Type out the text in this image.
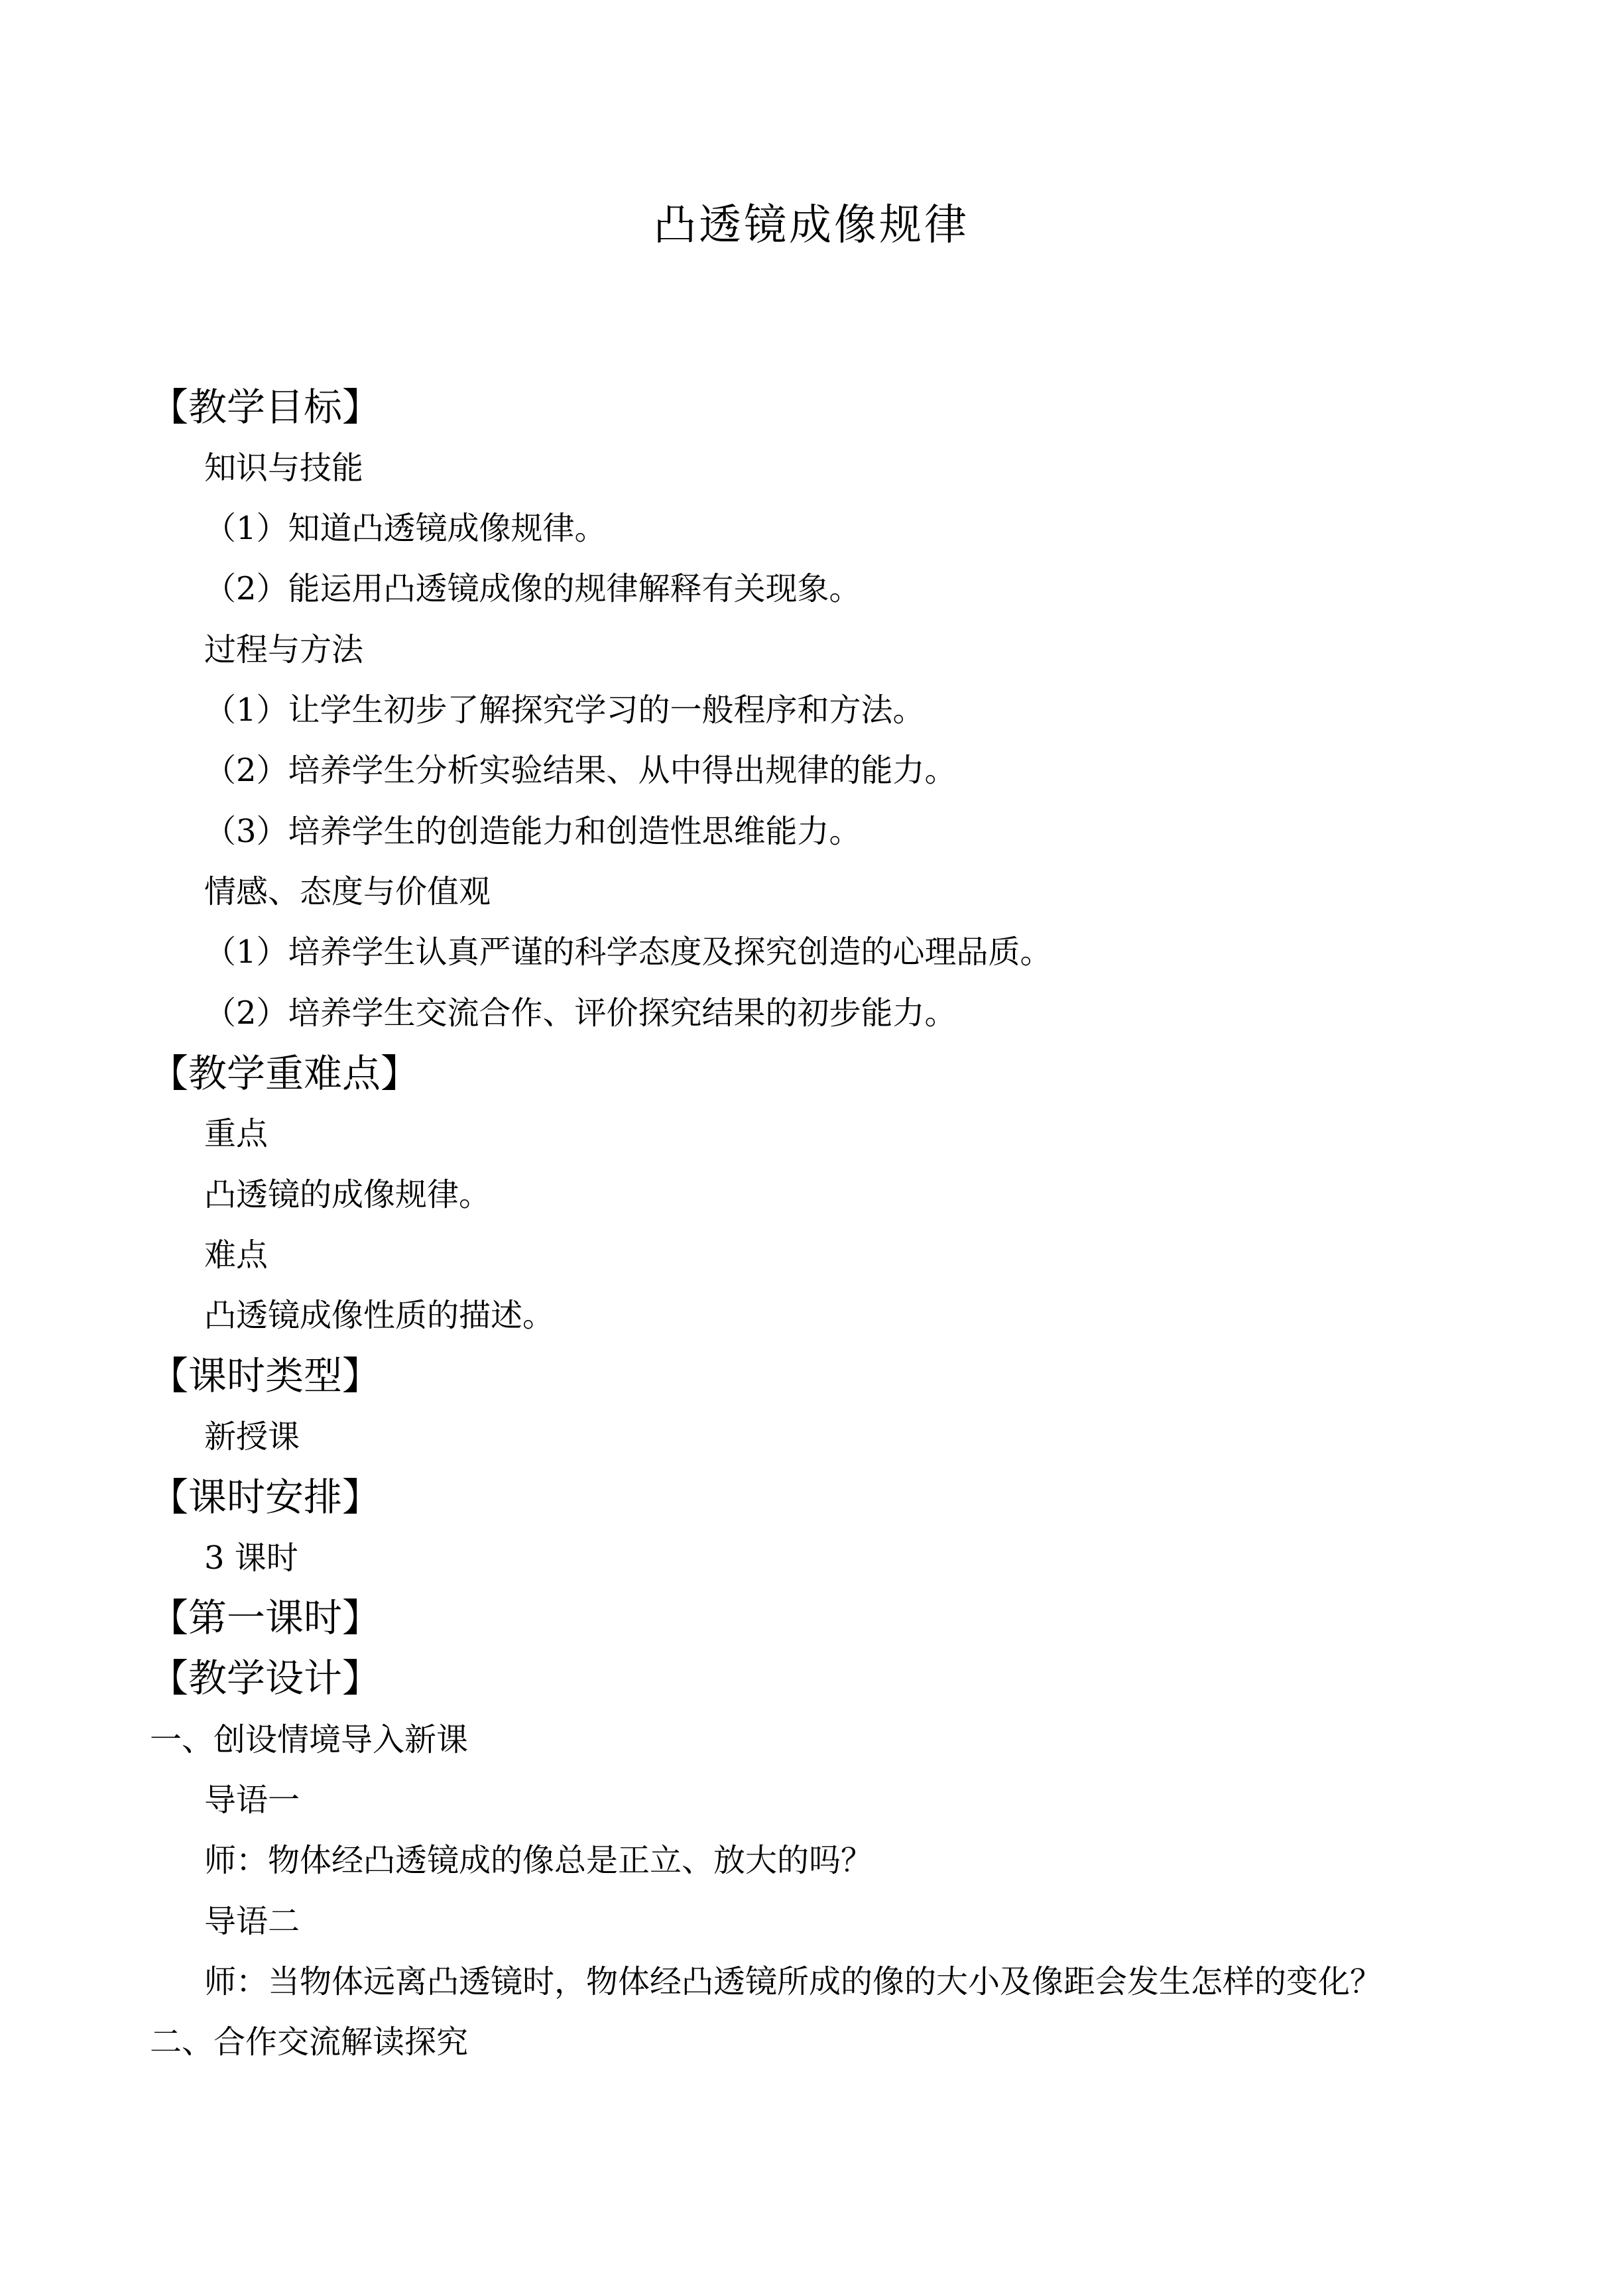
凸透镜成像规律
【教学目标】
知识与技能
（1）知道凸透镜成像规律。
（2）能运用凸透镜成像的规律解释有关现象。
过程与方法
（1）让学生初步了解探究学习的一般程序和方法。
（2）培养学生分析实验结果、从中得出规律的能力。
（3）培养学生的创造能力和创造性思维能力。
情感、态度与价值观
（1）培养学生认真严谨的科学态度及探究创造的心理品质。
（2）培养学生交流合作、评价探究结果的初步能力。
【教学重难点】
重点
凸透镜的成像规律。
难点
凸透镜成像性质的描述。
【课时类型】
新授课
【课时安排】
3 课时
【第一课时】
【教学设计】
一、创设情境导入新课
导语一
师：物体经凸透镜成的像总是正立、放大的吗？
导语二
师：当物体远离凸透镜时，物体经凸透镜所成的像的大小及像距会发生怎样的变化？
二、合作交流解读探究
